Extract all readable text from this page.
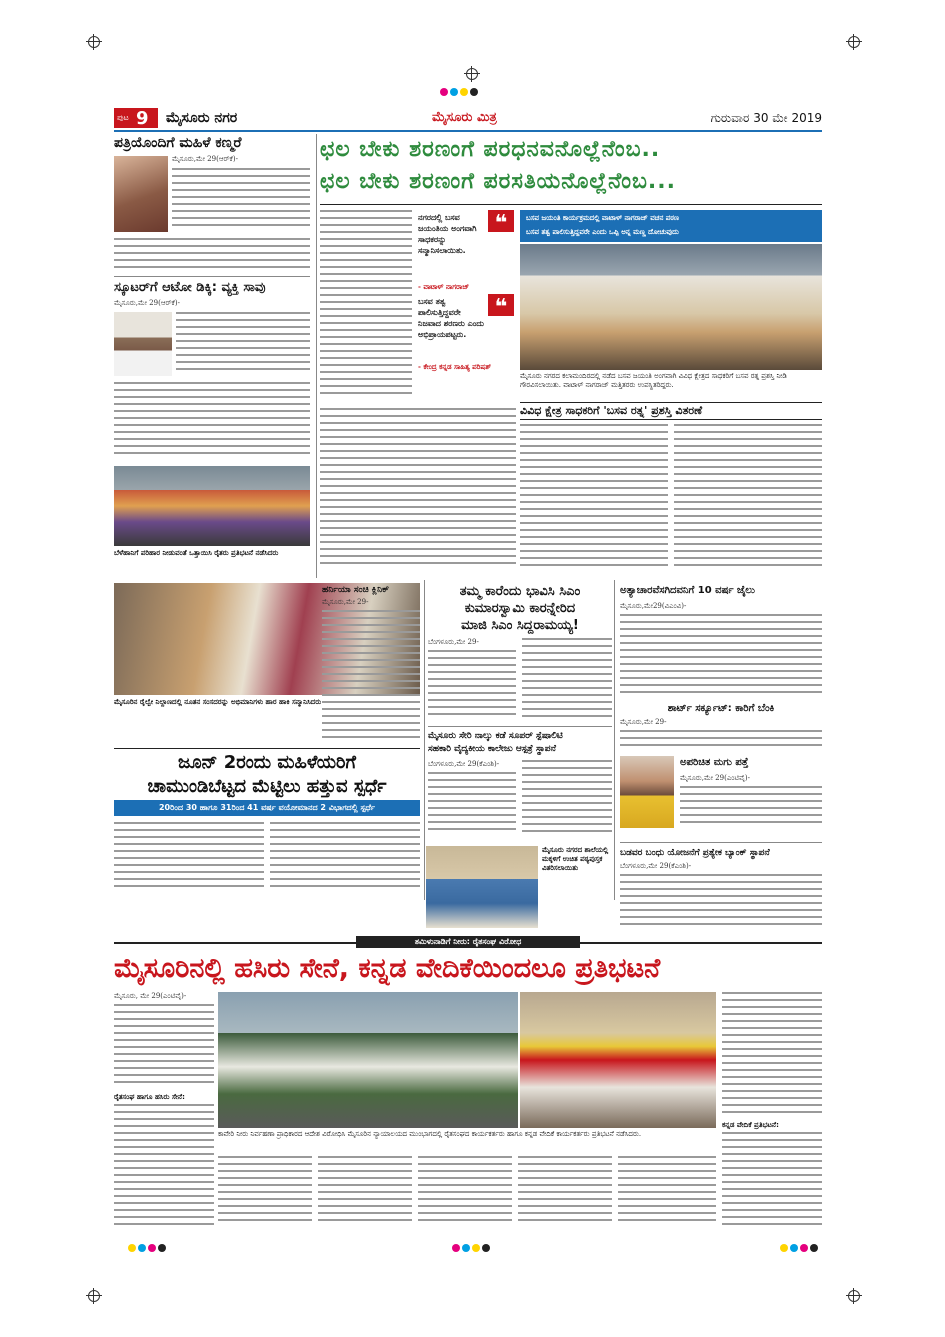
ಪುಟ 9 ಮೈಸೂರು ನಗರ	ಮೈಸೂರು ಮಿತ್ರ	ಗುರುವಾರ 30 ಮೇ 2019
ಪತ್ರಿಯೊಂದಿಗೆ ಮಹಿಳೆ ಕಣ್ಮರೆ
ಮೈಸೂರು,ಮೇ 29(ಆರ್‌ಕೆ)-
ಸ್ಕೂಟರ್‌ಗೆ ಆಟೋ ಡಿಕ್ಕಿ: ವ್ಯಕ್ತಿ ಸಾವು
ಮೈಸೂರು,ಮೇ 29(ಆರ್‌ಕೆ)-
ಬೆಳೆಹಾನಿಗೆ ಪರಿಹಾರ ನೀಡುವಂತೆ ಒತ್ತಾಯಿಸಿ ರೈತರು ಪ್ರತಿಭಟನೆ ನಡೆಸಿದರು
ಮೈಸೂರಿನ ರೈಲ್ವೇ ನಿಲ್ದಾಣದಲ್ಲಿ ನೂತನ ಸಂಸದರನ್ನು ಅಭಿಮಾನಿಗಳು ಹಾರ ಹಾಕಿ ಸನ್ಮಾನಿಸಿದರು
ಜೂನ್ 2ರಂದು ಮಹಿಳೆಯರಿಗೆ
ಚಾಮುಂಡಿಬೆಟ್ಟದ ಮೆಟ್ಟಿಲು ಹತ್ತುವ ಸ್ಪರ್ಧೆ
20ರಿಂದ 30 ಹಾಗೂ 31ರಿಂದ 41 ವರ್ಷ ವಯೋಮಾನದ 2 ವಿಭಾಗದಲ್ಲಿ ಸ್ಪರ್ಧೆ
ಛಲ ಬೇಕು ಶರಣಂಗೆ ಪರಧನವನೊಲ್ಲೆನೆಂಬ..
ಛಲ ಬೇಕು ಶರಣಂಗೆ ಪರಸತಿಯನೊಲ್ಲೆನೆಂಬ...
❝
ನಗರದಲ್ಲಿ ಬಸವ ಜಯಂತಿಯ ಅಂಗವಾಗಿ ಸಾಧಕರನ್ನು ಸನ್ಮಾನಿಸಲಾಯಿತು.
- ವಾಟಾಳ್ ನಾಗರಾಜ್
❝
ಬಸವ ತತ್ವ ಪಾಲಿಸುತ್ತಿದ್ದವರೇ ನಿಜವಾದ ಶರಣರು ಎಂದು ಅಭಿಪ್ರಾಯಪಟ್ಟರು.
- ಕೇಂದ್ರ ಕನ್ನಡ ಸಾಹಿತ್ಯ ಪರಿಷತ್
ಬಸವ ಜಯಂತಿ ಕಾರ್ಯಕ್ರಮದಲ್ಲಿ ವಾಟಾಳ್ ನಾಗರಾಜ್ ವಚನ ಪಠಣ
ಬಸವ ತತ್ವ ಪಾಲಿಸುತ್ತಿದ್ದವರೇ ಎಂದು ಒಪ್ಪಿ ಅನ್ನ ಮಣ್ಣ ದೋಚುವುದು
ಮೈಸೂರು ನಗರದ ಕಲಾಮಂದಿರದಲ್ಲಿ ನಡೆದ ಬಸವ ಜಯಂತಿ ಅಂಗವಾಗಿ ವಿವಿಧ ಕ್ಷೇತ್ರದ ಸಾಧಕರಿಗೆ ಬಸವ ರತ್ನ ಪ್ರಶಸ್ತಿ ನೀಡಿ ಗೌರವಿಸಲಾಯಿತು. ವಾಟಾಳ್ ನಾಗರಾಜ್ ಮತ್ತಿತರರು ಉಪಸ್ಥಿತರಿದ್ದರು.
ವಿವಿಧ ಕ್ಷೇತ್ರ ಸಾಧಕರಿಗೆ 'ಬಸವ ರತ್ನ' ಪ್ರಶಸ್ತಿ ವಿತರಣೆ
ಹರ್ನಿಯಾ ಸಂಚಿ ಕ್ಲಿನಿಕ್
ಮೈಸೂರು,ಮೇ 29-
ತಮ್ಮ ಕಾರೆಂದು ಭಾವಿಸಿ ಸಿಎಂ
ಕುಮಾರಸ್ವಾಮಿ ಕಾರನ್ನೇರಿದ
ಮಾಜಿ ಸಿಎಂ ಸಿದ್ದರಾಮಯ್ಯ!
ಬೆಂಗಳೂರು,ಮೇ 29-
ಮೈಸೂರು ಸೇರಿ ನಾಲ್ಕು ಕಡೆ ಸೂಪರ್ ಸ್ಪೆಷಾಲಿಟಿ
ಸಹಕಾರಿ ವೈದ್ಯಕೀಯ ಕಾಲೇಜು ಆಸ್ಪತ್ರೆ ಸ್ಥಾಪನೆ
ಬೆಂಗಳೂರು,ಮೇ 29(ಕೆಎಂಶಿ)-
ಮೈಸೂರು ನಗರದ ಶಾಲೆಯಲ್ಲಿ ಮಕ್ಕಳಿಗೆ ಉಚಿತ ಪಠ್ಯಪುಸ್ತಕ ವಿತರಿಸಲಾಯಿತು
ಅತ್ಯಾಚಾರವೆಸಗಿದವನಿಗೆ 10 ವರ್ಷ ಜೈಲು
ಮೈಸೂರು,ಮೇ29(ವಿಎಂವಿ)-
ಶಾರ್ಟ್ ಸರ್ಕ್ಯೂಟ್: ಕಾರಿಗೆ ಬೆಂಕಿ
ಮೈಸೂರು,ಮೇ 29-
ಅಪರಿಚಿತ ಮಗು ಪತ್ತೆ
ಮೈಸೂರು,ಮೇ 29(ಎಂಟಿವೈ)-
ಬಡವರ ಬಂಧು ಯೋಜನೆಗೆ ಪ್ರತ್ಯೇಕ ಬ್ಯಾಂಕ್ ಸ್ಥಾಪನೆ
ಬೆಂಗಳೂರು,ಮೇ 29(ಕೆಎಂಶಿ)-
ತಮಿಳುನಾಡಿಗೆ ನೀರು: ರೈತಸಂಘ ವಿರೋಧ
ಮೈಸೂರಿನಲ್ಲಿ ಹಸಿರು ಸೇನೆ, ಕನ್ನಡ ವೇದಿಕೆಯಿಂದಲೂ ಪ್ರತಿಭಟನೆ
ಮೈಸೂರು, ಮೇ 29(ಎಂಟಿವೈ)-
ರೈತಸಂಘ ಹಾಗೂ ಹಸಿರು ಸೇನೆ:
ಕಾವೇರಿ ನೀರು ನಿರ್ವಹಣಾ ಪ್ರಾಧಿಕಾರದ ಆದೇಶ ವಿರೋಧಿಸಿ ಮೈಸೂರಿನ ನ್ಯಾಯಾಲಯದ ಮುಂಭಾಗದಲ್ಲಿ ರೈತಸಂಘದ ಕಾರ್ಯಕರ್ತರು ಹಾಗೂ ಕನ್ನಡ ವೇದಿಕೆ ಕಾರ್ಯಕರ್ತರು ಪ್ರತಿಭಟನೆ ನಡೆಸಿದರು.
ಕನ್ನಡ ವೇದಿಕೆ ಪ್ರತಿಭಟನೆ:
